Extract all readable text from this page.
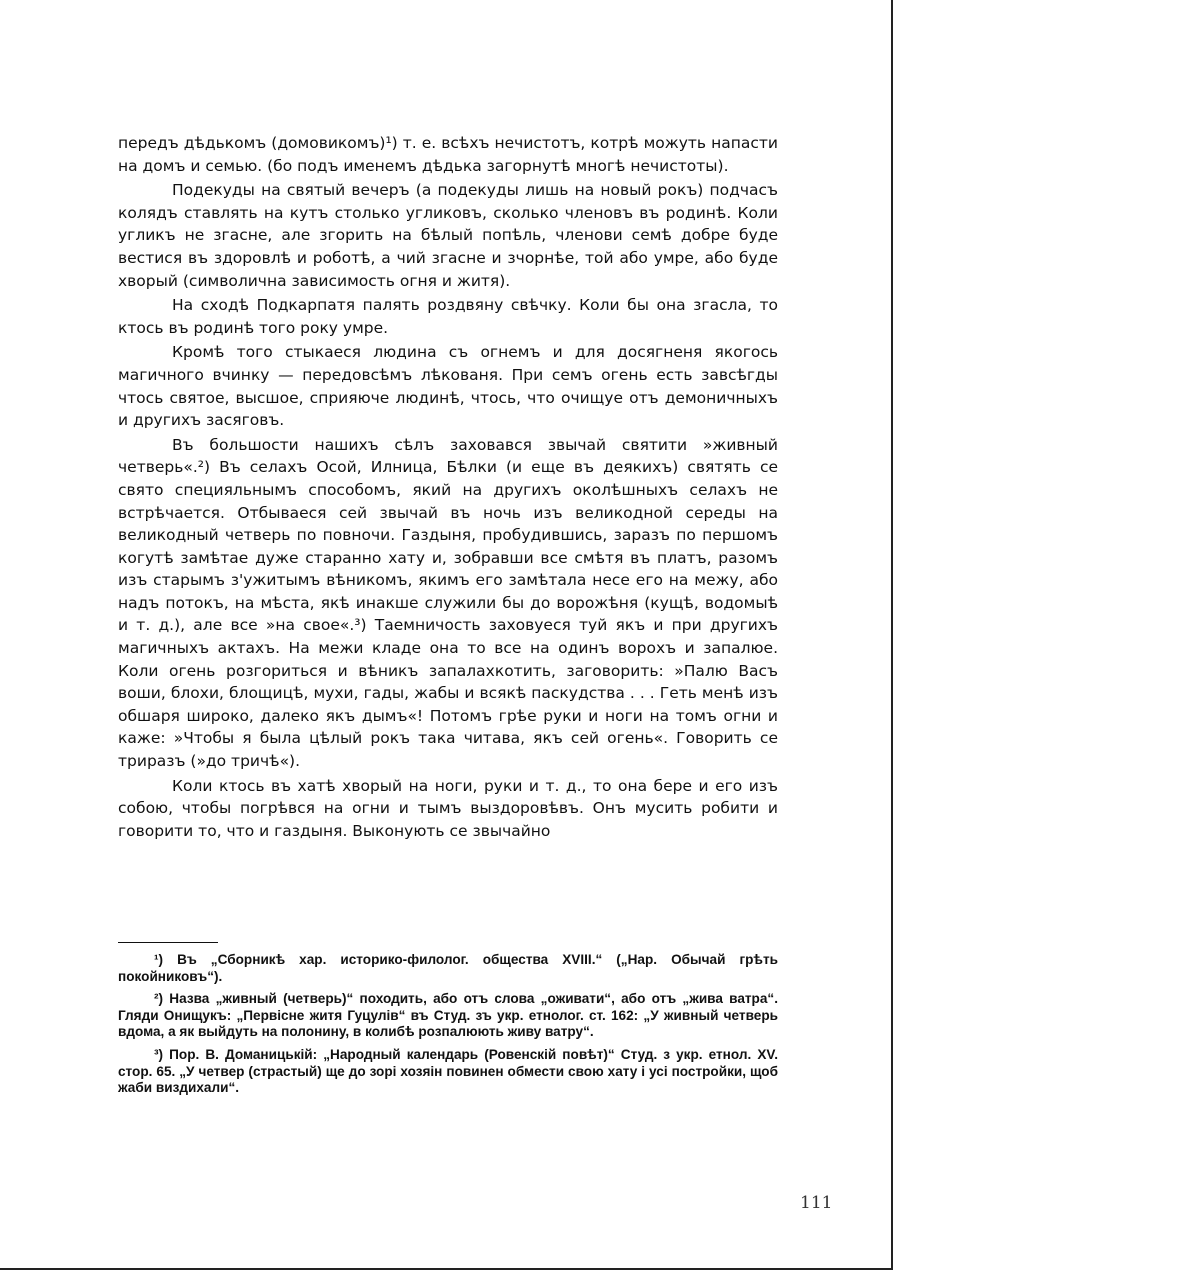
передъ дѣдькомъ (домовикомъ)¹) т. е. всѣхъ нечистотъ, котрѣ можуть напасти на домъ и семью. (бо подъ именемъ дѣдька загорнутѣ многѣ нечистоты).

Подекуды на святый вечеръ (а подекуды лишь на новый рокъ) подчасъ колядъ ставлять на кутъ столько угликовъ, сколько членовъ въ родинѣ. Коли угликъ не згасне, але згорить на бѣлый попѣль, членови семѣ добре буде вестися въ здоровлѣ и роботѣ, а чий згасне и зчорнѣе, той або умре, або буде хворый (символична зависимость огня и житя).

На сходѣ Подкарпатя палять роздвяну свѣчку. Коли бы она згасла, то ктось въ родинѣ того року умре.

Кромѣ того стыкаеся людина съ огнемъ и для досягненя якогось магичного вчинку — передовсѣмъ лѣкованя. При семъ огень есть завсѣгды чтось святое, высшое, сприяюче людинѣ, чтось, что очищуе отъ демоничныхъ и другихъ засяговъ.

Въ большости нашихъ сѣлъ заховався звычай святити »живный четверь«.²) Въ селахъ Осой, Илница, Бѣлки (и еще въ деякихъ) святять се свято специяльнымъ способомъ, який на другихъ околѣшныхъ селахъ не встрѣчается. Отбываеся сей звычай въ ночь изъ великодной середы на великодный четверь по повночи. Газдыня, пробудившись, заразъ по першомъ когутѣ замѣтае дуже старанно хату и, зобравши все смѣтя въ платъ, разомъ изъ старымъ з'ужитымъ вѣникомъ, якимъ его замѣтала несе его на межу, або надъ потокъ, на мѣста, якѣ инакше служили бы до ворожѣня (кущѣ, водомыѣ и т. д.), але все »на свое«.³) Таемничость заховуеся туй якъ и при другихъ магичныхъ актахъ. На межи кладе она то все на одинъ ворохъ и запалюе. Коли огень розгориться и вѣникъ запалахкотить, заговорить: »Палю Васъ воши, блохи, блощицѣ, мухи, гады, жабы и всякѣ паскудства . . . Геть менѣ изъ обшаря широко, далеко якъ дымъ«! Потомъ грѣе руки и ноги на томъ огни и каже: »Чтобы я была цѣлый рокъ така читава, якъ сей огень«. Говорить се триразъ (»до тричѣ«).

Коли ктось въ хатѣ хворый на ноги, руки и т. д., то она бере и его изъ собою, чтобы погрѣвся на огни и тымъ выздоровѣвъ. Онъ мусить робити и говорити то, что и газдыня. Выконують се звычайно

¹) Въ „Сборникѣ хар. историко-филолог. общества XVIII.“ („Нар. Обычай грѣть покойниковъ“).

²) Назва „живный (четверь)“ походить, або отъ слова „оживати“, або отъ „жива ватра“. Гляди Онищукъ: „Первісне житя Гуцулів“ въ Студ. зъ укр. етнолог. ст. 162: „У живный четверь вдома, а як выйдуть на полонину, в колибѣ розпалюють живу ватру“.

³) Пор. В. Доманицькій: „Народный календарь (Ровенскій повѣт)“ Студ. з укр. етнол. XV. стор. 65. „У четвер (страстый) ще до зорі хозяін повинен обмести свою хату і усі постройки, щоб жаби виздихали“.

111
